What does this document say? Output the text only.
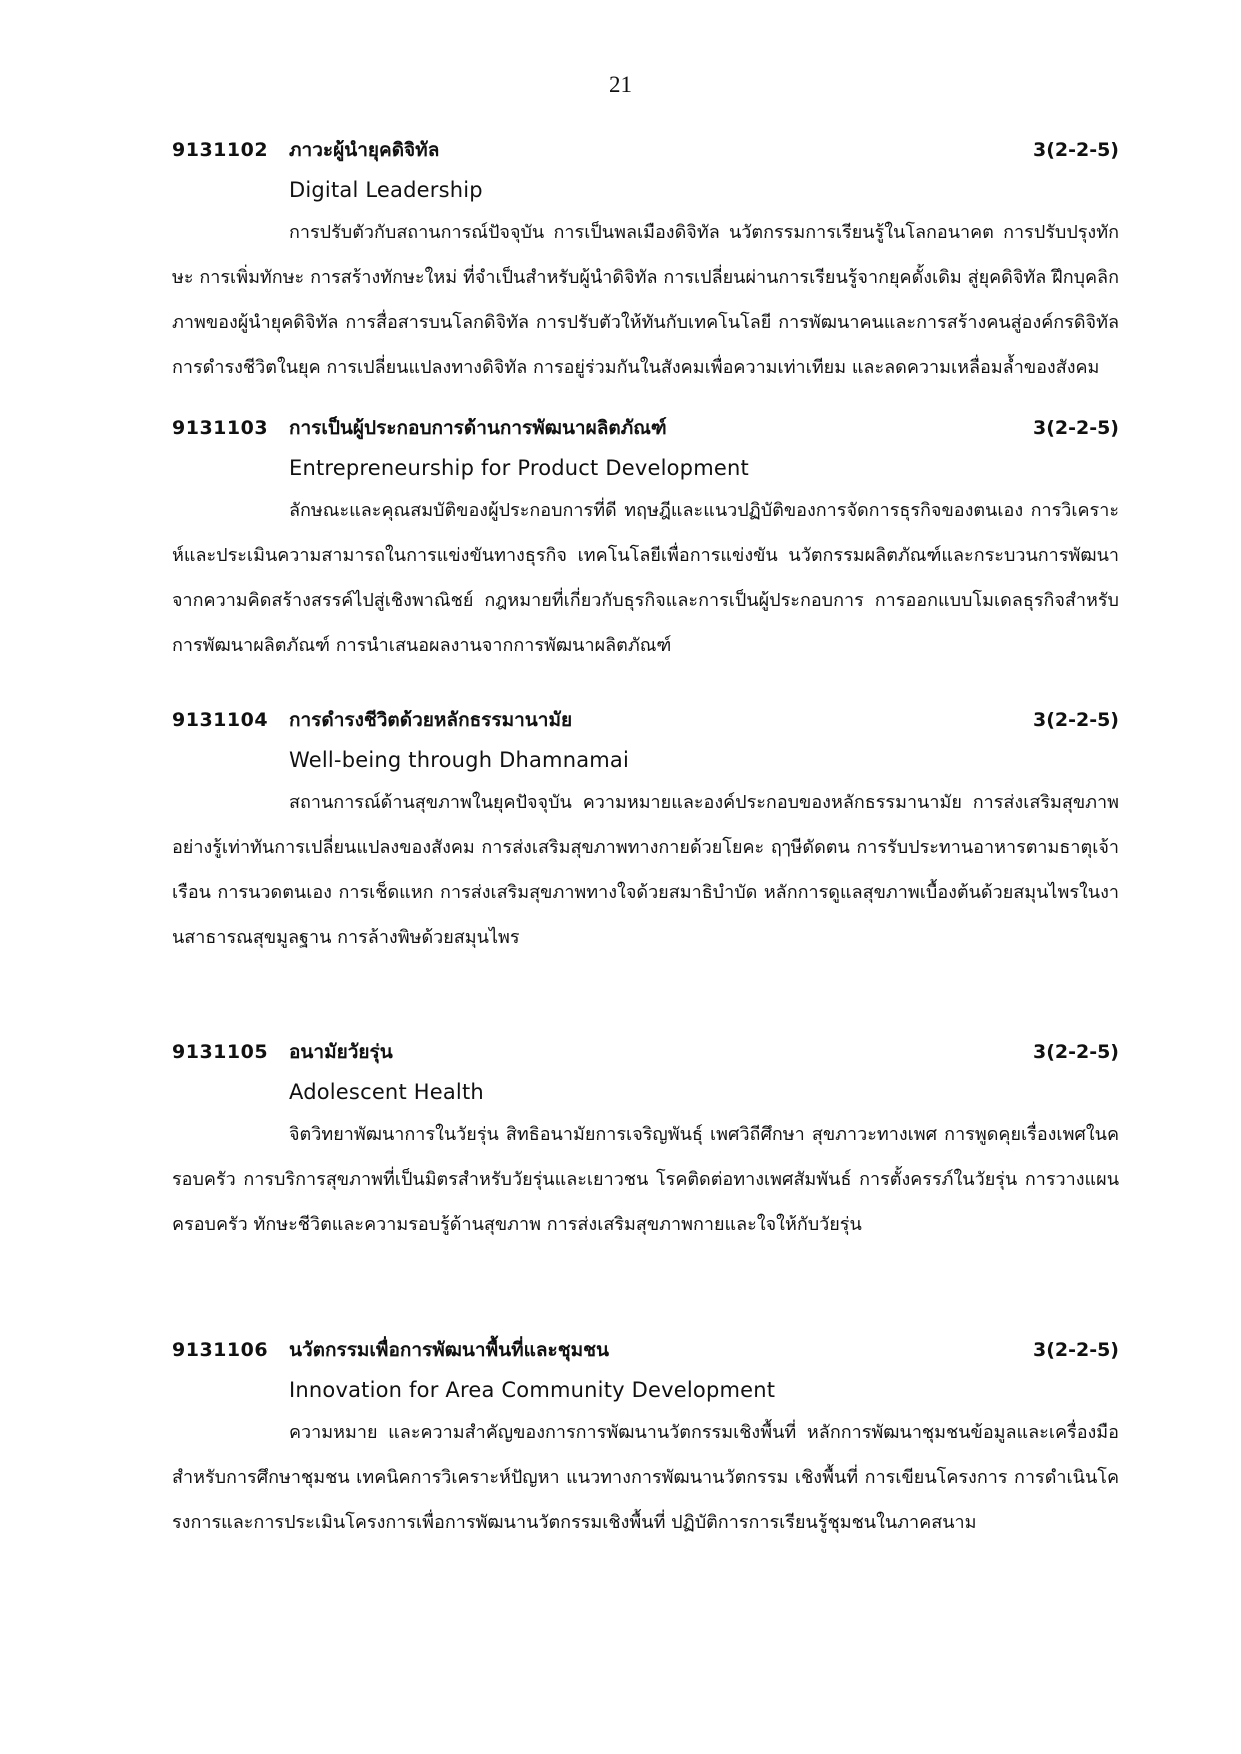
21
9131102 ภาวะผู้นำยุคดิจิทัล	3(2-2-5)
Digital Leadership

การปรับตัวกับสถานการณ์ปัจจุบัน การเป็นพลเมืองดิจิทัล นวัตกรรมการเรียนรู้ในโลกอนาคต การปรับปรุงทักษะ การเพิ่มทักษะ การสร้างทักษะใหม่ ที่จำเป็นสำหรับผู้นำดิจิทัล การเปลี่ยนผ่านการเรียนรู้จากยุคดั้งเดิม สู่ยุคดิจิทัล ฝึกบุคลิกภาพของผู้นำยุคดิจิทัล การสื่อสารบนโลกดิจิทัล การปรับตัวให้ทันกับเทคโนโลยี การพัฒนาคนและการสร้างคนสู่องค์กรดิจิทัล การดำรงชีวิตในยุค การเปลี่ยนแปลงทางดิจิทัล การอยู่ร่วมกันในสังคมเพื่อความเท่าเทียม และลดความเหลื่อมล้ำของสังคม

9131103 การเป็นผู้ประกอบการด้านการพัฒนาผลิตภัณฑ์	3(2-2-5)
Entrepreneurship for Product Development

ลักษณะและคุณสมบัติของผู้ประกอบการที่ดี ทฤษฎีและแนวปฏิบัติของการจัดการธุรกิจของตนเอง การวิเคราะห์และประเมินความสามารถในการแข่งขันทางธุรกิจ เทคโนโลยีเพื่อการแข่งขัน นวัตกรรมผลิตภัณฑ์และกระบวนการพัฒนาจากความคิดสร้างสรรค์ไปสู่เชิงพาณิชย์ กฎหมายที่เกี่ยวกับธุรกิจและการเป็นผู้ประกอบการ การออกแบบโมเดลธุรกิจสำหรับการพัฒนาผลิตภัณฑ์ การนำเสนอผลงานจากการพัฒนาผลิตภัณฑ์

9131104 การดำรงชีวิตด้วยหลักธรรมานามัย	3(2-2-5)
Well-being through Dhamnamai

สถานการณ์ด้านสุขภาพในยุคปัจจุบัน ความหมายและองค์ประกอบของหลักธรรมานามัย การส่งเสริมสุขภาพอย่างรู้เท่าทันการเปลี่ยนแปลงของสังคม การส่งเสริมสุขภาพทางกายด้วยโยคะ ฤๅษีดัดตน การรับประทานอาหารตามธาตุเจ้าเรือน การนวดตนเอง การเช็ดแหก การส่งเสริมสุขภาพทางใจด้วยสมาธิบำบัด หลักการดูแลสุขภาพเบื้องต้นด้วยสมุนไพรในงานสาธารณสุขมูลฐาน การล้างพิษด้วยสมุนไพร

9131105 อนามัยวัยรุ่น	3(2-2-5)
Adolescent Health

จิตวิทยาพัฒนาการในวัยรุ่น สิทธิอนามัยการเจริญพันธุ์ เพศวิถีศึกษา สุขภาวะทางเพศ การพูดคุยเรื่องเพศในครอบครัว การบริการสุขภาพที่เป็นมิตรสำหรับวัยรุ่นและเยาวชน โรคติดต่อทางเพศสัมพันธ์ การตั้งครรภ์ในวัยรุ่น การวางแผนครอบครัว ทักษะชีวิตและความรอบรู้ด้านสุขภาพ การส่งเสริมสุขภาพกายและใจให้กับวัยรุ่น

9131106 นวัตกรรมเพื่อการพัฒนาพื้นที่และชุมชน	3(2-2-5)
Innovation for Area Community Development

ความหมาย และความสำคัญของการการพัฒนานวัตกรรมเชิงพื้นที่ หลักการพัฒนาชุมชนข้อมูลและเครื่องมือสำหรับการศึกษาชุมชน เทคนิคการวิเคราะห์ปัญหา แนวทางการพัฒนานวัตกรรม เชิงพื้นที่ การเขียนโครงการ การดำเนินโครงการและการประเมินโครงการเพื่อการพัฒนานวัตกรรมเชิงพื้นที่ ปฏิบัติการการเรียนรู้ชุมชนในภาคสนาม
